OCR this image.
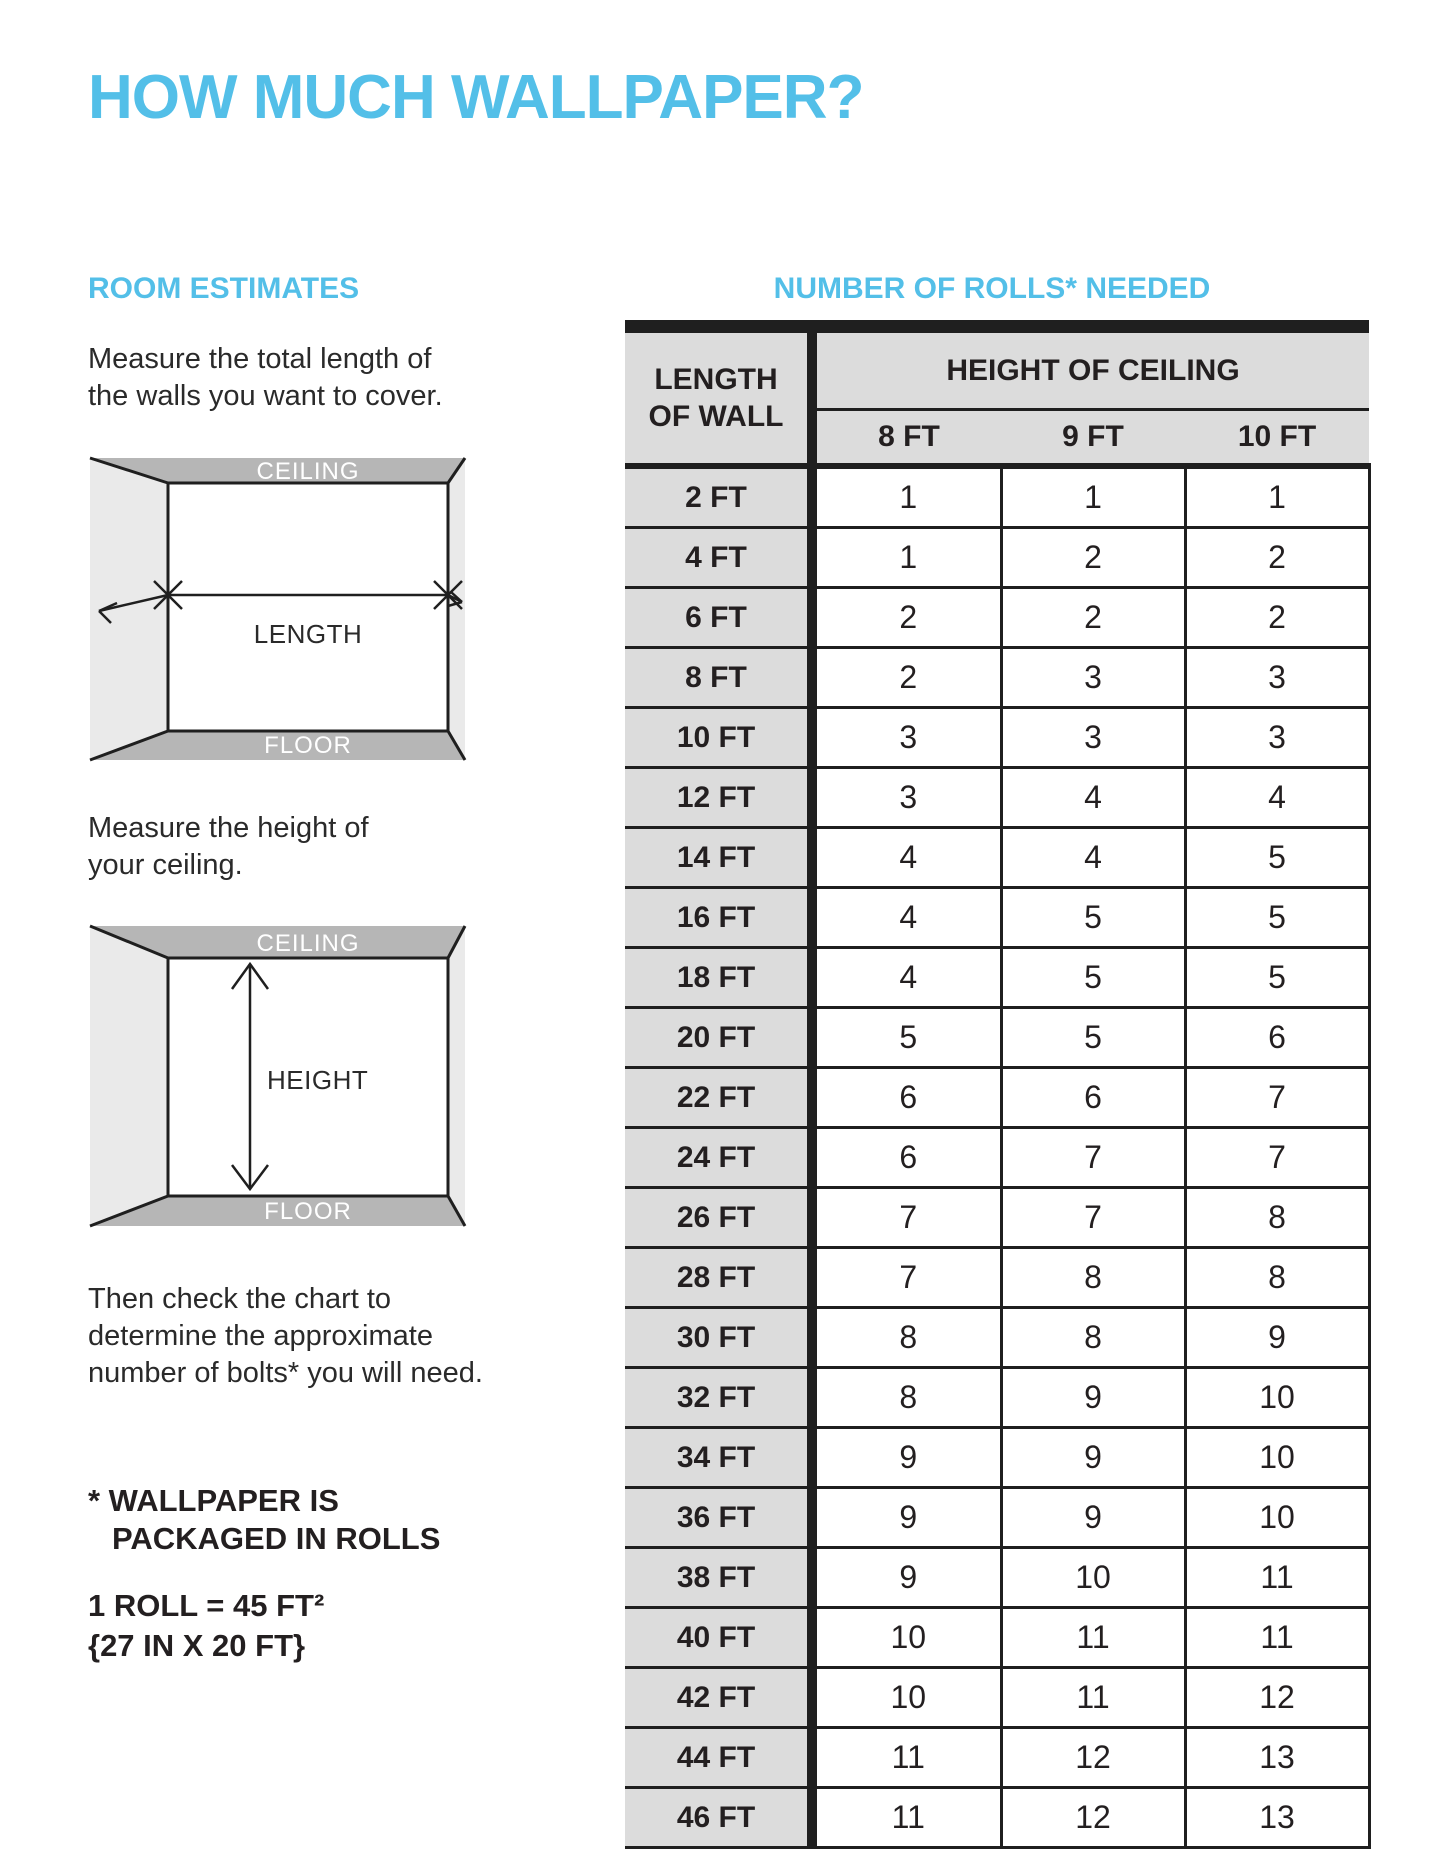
HOW MUCH WALLPAPER?
ROOM ESTIMATES
Measure the total length of
the walls you want to cover.
CEILING
FLOOR
LENGTH
Measure the height of
your ceiling.
CEILING
FLOOR
HEIGHT
Then check the chart to
determine the approximate
number of bolts* you will need.
* WALLPAPER IS
PACKAGED IN ROLLS
1 ROLL = 45 FT²
{27 IN X 20 FT}
NUMBER OF ROLLS* NEEDED
LENGTH
OF WALL	HEIGHT OF CEILING		
	8 FT	9 FT	10 FT
2 FT	1	1	1
4 FT	1	2	2
6 FT	2	2	2
8 FT	2	3	3
10 FT	3	3	3
12 FT	3	4	4
14 FT	4	4	5
16 FT	4	5	5
18 FT	4	5	5
20 FT	5	5	6
22 FT	6	6	7
24 FT	6	7	7
26 FT	7	7	8
28 FT	7	8	8
30 FT	8	8	9
32 FT	8	9	10
34 FT	9	9	10
36 FT	9	9	10
38 FT	9	10	11
40 FT	10	11	11
42 FT	10	11	12
44 FT	11	12	13
46 FT	11	12	13
